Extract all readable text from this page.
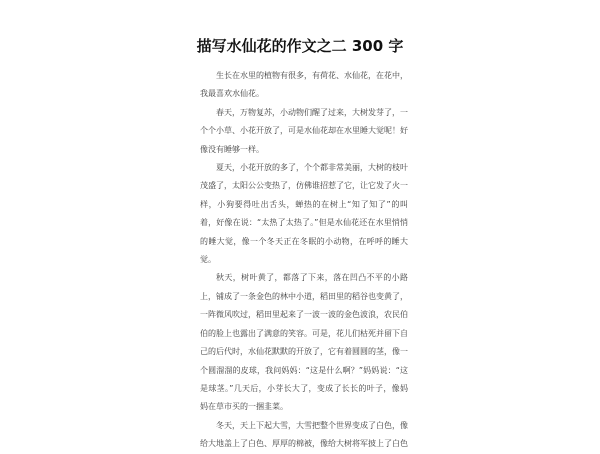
描写水仙花的作文之二 300 字

生长在水里的植物有很多，有荷花、水仙花，在花中，我最喜欢水仙花。

春天，万物复苏，小动物们醒了过来，大树发芽了，一个个小草、小花开放了，可是水仙花却在水里睡大觉呢！好像没有睡够一样。

夏天，小花开放的多了，个个都非常美丽，大树的枝叶茂盛了，太阳公公变热了，仿佛谁招惹了它，让它发了火一样，小狗要得吐出舌头，蝉热的在树上“知了知了”的叫着，好像在说：“太热了太热了。”但是水仙花还在水里悄悄的睡大觉，像一个冬天正在冬眠的小动物，在呼呼的睡大觉。

秋天，树叶黄了，都落了下来，落在凹凸不平的小路上，铺成了一条金色的林中小道，稻田里的稻谷也变黄了，一阵微风吹过，稻田里起来了一波一波的金色波浪，农民伯伯的脸上也露出了满意的笑容。可是，花儿们枯死并留下自己的后代时，水仙花默默的开放了，它有着圆圆的茎，像一个圆溜溜的皮球，我问妈妈：“这是什么啊？”妈妈说：“这是球茎。”几天后，小芽长大了，变成了长长的叶子，像妈妈在草市买的一捆韭菜。

冬天，天上下起大雪，大雪把整个世界变成了白色，像给大地盖上了白色、厚厚的棉被，像给大树将军披上了白色
